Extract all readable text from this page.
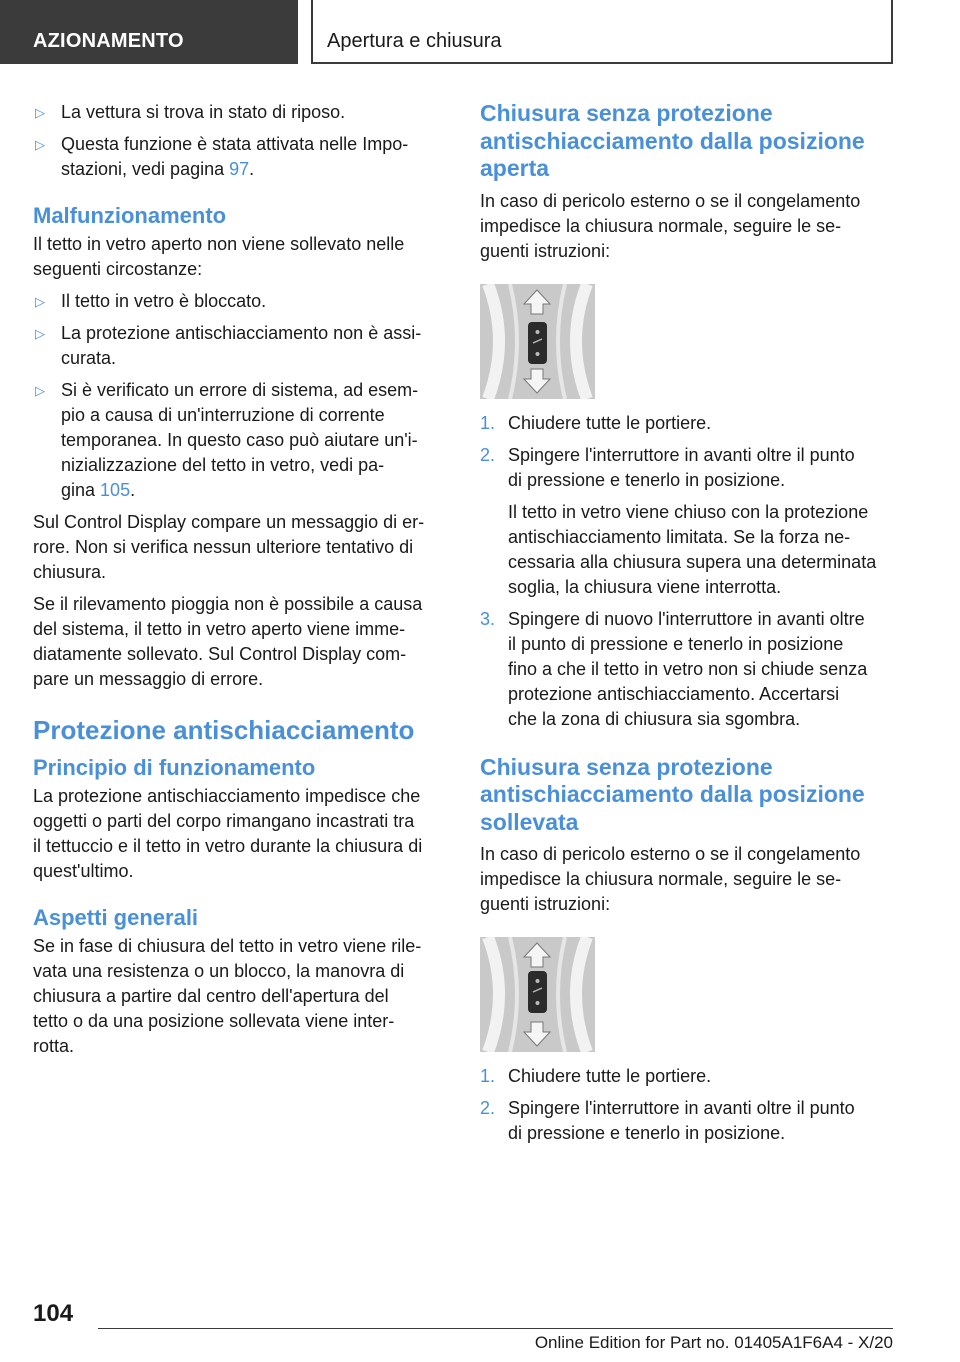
AZIONAMENTO	Apertura e chiusura
▷ La vettura si trova in stato di riposo.
▷ Questa funzione è stata attivata nelle Impo-
stazioni, vedi pagina 97.
Malfunzionamento
Il tetto in vetro aperto non viene sollevato nelle seguenti circostanze:
▷ Il tetto in vetro è bloccato.
▷ La protezione antischiacciamento non è assi-
curata.
▷ Si è verificato un errore di sistema, ad esem-
pio a causa di un'interruzione di corrente
temporanea. In questo caso può aiutare un'i-
nizializzazione del tetto in vetro, vedi pa-
gina 105.
Sul Control Display compare un messaggio di er-
rore. Non si verifica nessun ulteriore tentativo di
chiusura.
Se il rilevamento pioggia non è possibile a causa
del sistema, il tetto in vetro aperto viene imme-
diatamente sollevato. Sul Control Display com-
pare un messaggio di errore.
Protezione antischiacciamento
Principio di funzionamento
La protezione antischiacciamento impedisce che
oggetti o parti del corpo rimangano incastrati tra
il tettuccio e il tetto in vetro durante la chiusura di
quest'ultimo.
Aspetti generali
Se in fase di chiusura del tetto in vetro viene rile-
vata una resistenza o un blocco, la manovra di
chiusura a partire dal centro dell'apertura del
tetto o da una posizione sollevata viene inter-
rotta.
Chiusura senza protezione
antischiacciamento dalla posizione
aperta
In caso di pericolo esterno o se il congelamento
impedisce la chiusura normale, seguire le se-
guenti istruzioni:
1. Chiudere tutte le portiere.
2. Spingere l'interruttore in avanti oltre il punto
di pressione e tenerlo in posizione.
Il tetto in vetro viene chiuso con la protezione
antischiacciamento limitata. Se la forza ne-
cessaria alla chiusura supera una determinata
soglia, la chiusura viene interrotta.
3. Spingere di nuovo l'interruttore in avanti oltre
il punto di pressione e tenerlo in posizione
fino a che il tetto in vetro non si chiude senza
protezione antischiacciamento. Accertarsi
che la zona di chiusura sia sgombra.
Chiusura senza protezione
antischiacciamento dalla posizione
sollevata
In caso di pericolo esterno o se il congelamento
impedisce la chiusura normale, seguire le se-
guenti istruzioni:
1. Chiudere tutte le portiere.
2. Spingere l'interruttore in avanti oltre il punto
di pressione e tenerlo in posizione.
104
Online Edition for Part no. 01405A1F6A4 - X/20
